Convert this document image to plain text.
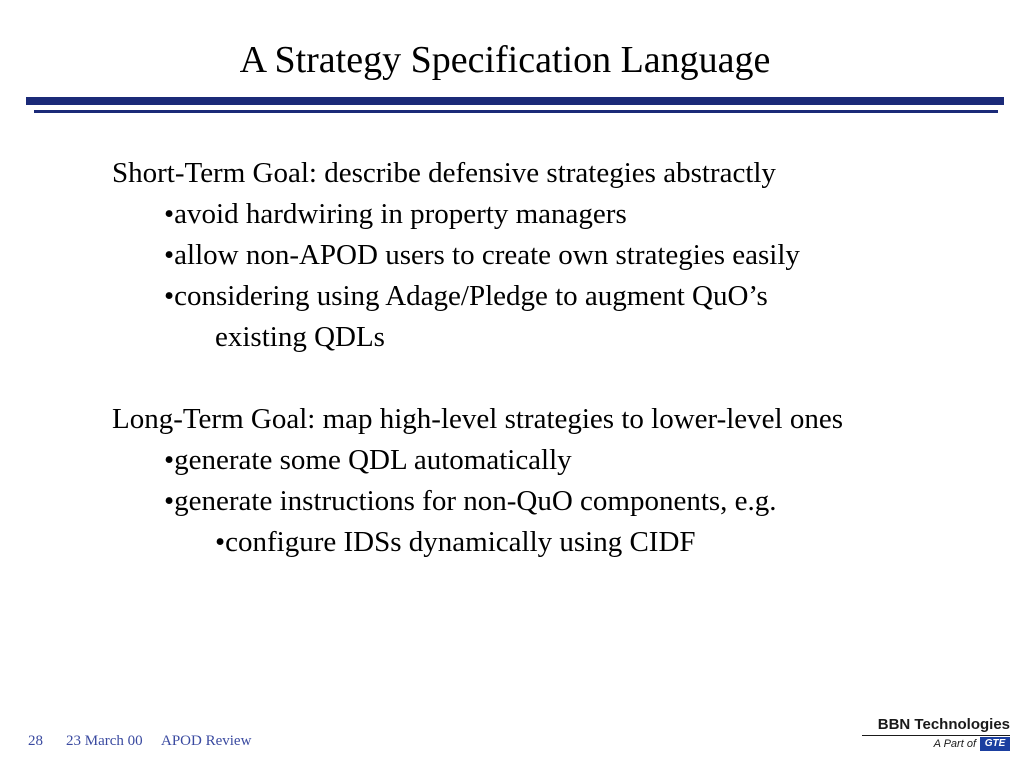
A Strategy Specification Language
Short-Term Goal: describe defensive strategies abstractly
•avoid hardwiring in property managers
•allow non-APOD users to create own strategies easily
•considering using Adage/Pledge to augment QuO’s
existing QDLs
Long-Term Goal: map high-level strategies to lower-level ones
•generate some QDL automatically
•generate instructions for non-QuO components, e.g.
•configure IDSs dynamically using CIDF
28 23 March 00 APOD Review
BBN Technologies
A Part of GTE
